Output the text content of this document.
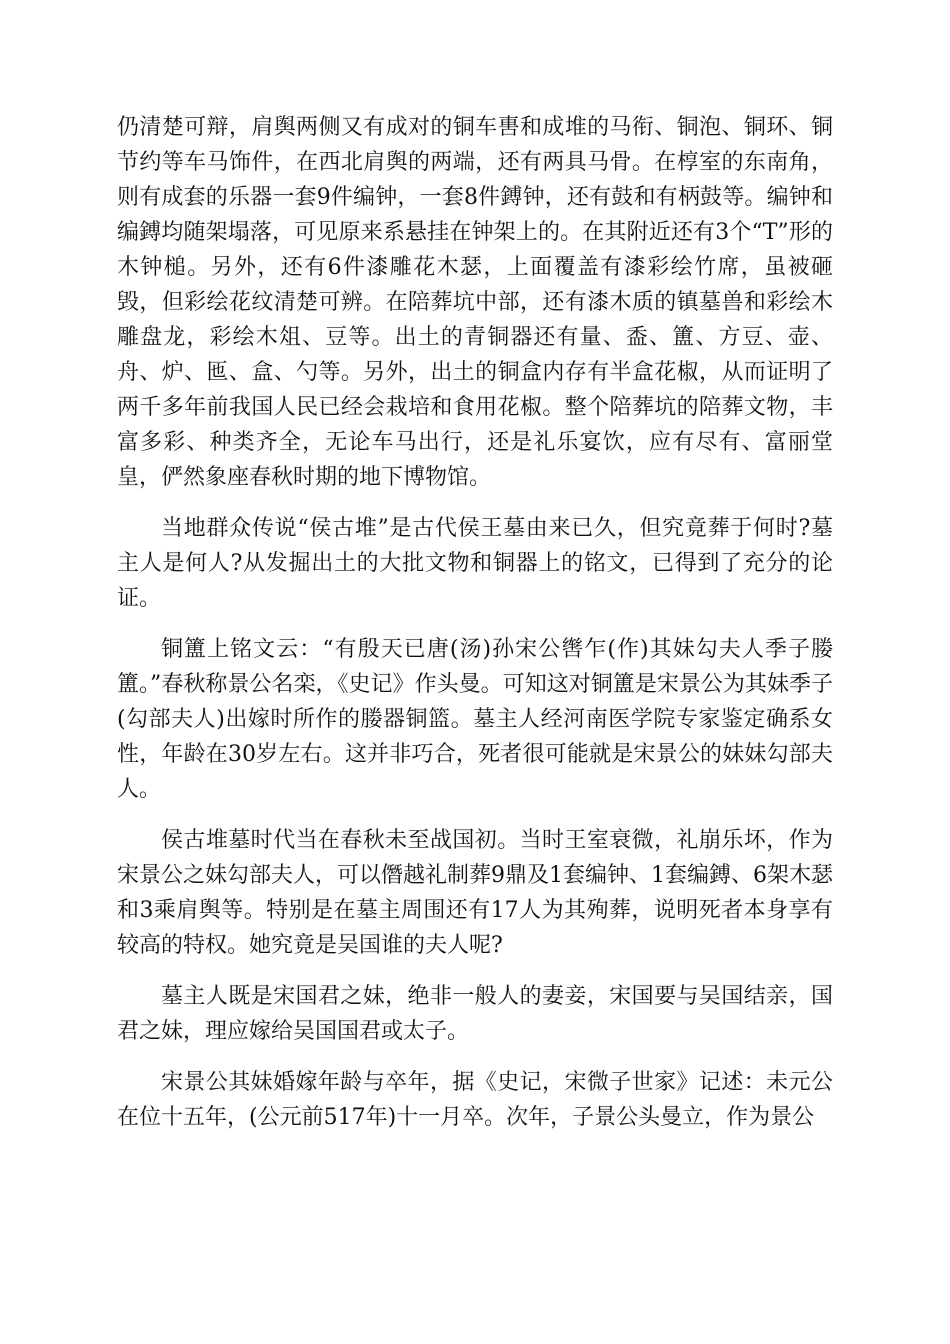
仍清楚可辩，肩舆两侧又有成对的铜车軎和成堆的马衔、铜泡、铜环、铜节约等车马饰件，在西北肩舆的两端，还有两具马骨。在椁室的东南角，则有成套的乐器一套9件编钟，一套8件鎛钟，还有鼓和有柄鼓等。编钟和编鎛均随架塌落，可见原来系悬挂在钟架上的。在其附近还有3个“T”形的木钟槌。另外，还有6件漆雕花木瑟，上面覆盖有漆彩绘竹席，虽被砸毁，但彩绘花纹清楚可辨。在陪葬坑中部，还有漆木质的镇墓兽和彩绘木雕盘龙，彩绘木俎、豆等。出土的青铜器还有量、盉、簠、方豆、壶、舟、炉、匜、盒、勺等。另外，出土的铜盒内存有半盒花椒，从而证明了两千多年前我国人民已经会栽培和食用花椒。整个陪葬坑的陪葬文物，丰富多彩、种类齐全，无论车马出行，还是礼乐宴饮，应有尽有、富丽堂皇，俨然象座春秋时期的地下博物馆。

当地群众传说“侯古堆”是古代侯王墓由来已久，但究竟葬于何时?墓主人是何人?从发掘出土的大批文物和铜器上的铭文，已得到了充分的论证。

铜簠上铭文云：“有殷天已唐(汤)孙宋公辔乍(作)其妹勾夫人季子媵簠。”春秋称景公名栾，《史记》作头曼。可知这对铜簠是宋景公为其妹季子(勾部夫人)出嫁时所作的媵器铜篮。墓主人经河南医学院专家鉴定确系女性，年龄在30岁左右。这并非巧合，死者很可能就是宋景公的妹妹勾部夫人。

侯古堆墓时代当在春秋未至战国初。当时王室衰微，礼崩乐坏，作为宋景公之妹勾部夫人，可以僭越礼制葬9鼎及1套编钟、1套编鎛、6架木瑟和3乘肩舆等。特别是在墓主周围还有17人为其殉葬，说明死者本身享有较高的特权。她究竟是吴国谁的夫人呢?

墓主人既是宋国君之妹，绝非一般人的妻妾，宋国要与吴国结亲，国君之妹，理应嫁给吴国国君或太子。

宋景公其妹婚嫁年龄与卒年，据《史记，宋微子世家》记述：未元公在位十五年，(公元前517年)十一月卒。次年，子景公头曼立，作为景公
